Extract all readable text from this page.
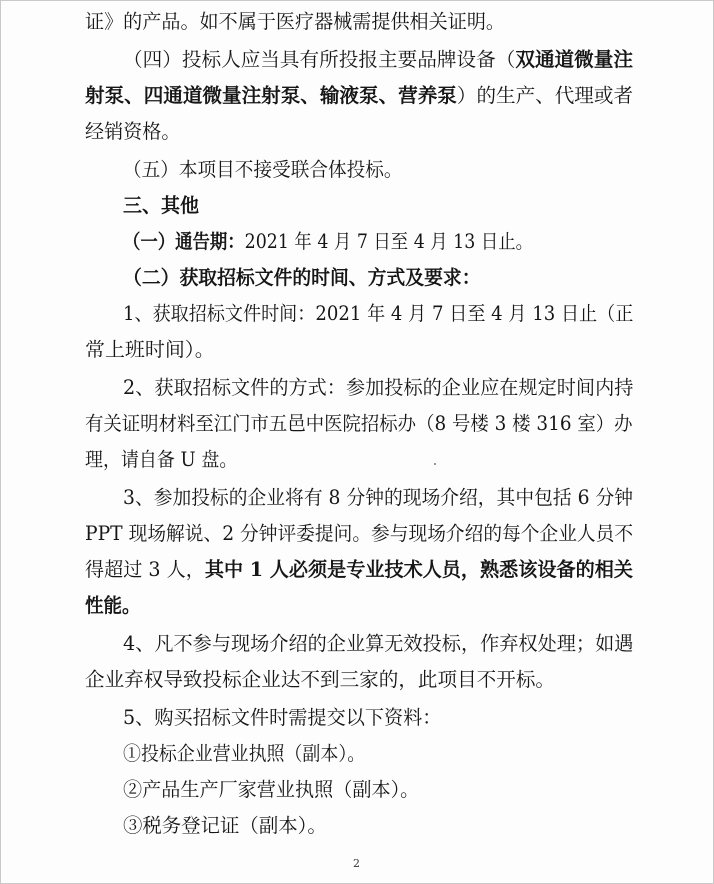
证》的产品。如不属于医疗器械需提供相关证明。
（四）投标人应当具有所投报主要品牌设备（双通道微量注
射泵、四通道微量注射泵、输液泵、营养泵）的生产、代理或者
经销资格。
（五）本项目不接受联合体投标。
三、其他
（一）通告期：2021 年 4 月 7 日至 4 月 13 日止。
（二）获取招标文件的时间、方式及要求：
1、获取招标文件时间：2021 年 4 月 7 日至 4 月 13 日止（正
常上班时间）。
2、获取招标文件的方式：参加投标的企业应在规定时间内持
有关证明材料至江门市五邑中医院招标办（8 号楼 3 楼 316 室）办
理，请自备 U 盘。
3、参加投标的企业将有 8 分钟的现场介绍，其中包括 6 分钟
PPT 现场解说、2 分钟评委提问。参与现场介绍的每个企业人员不
得超过 3 人，其中 1 人必须是专业技术人员，熟悉该设备的相关
性能。
4、凡不参与现场介绍的企业算无效投标，作弃权处理；如遇
企业弃权导致投标企业达不到三家的，此项目不开标。
5、购买招标文件时需提交以下资料：
①投标企业营业执照（副本）。
②产品生产厂家营业执照（副本）。
③税务登记证（副本）。
2
